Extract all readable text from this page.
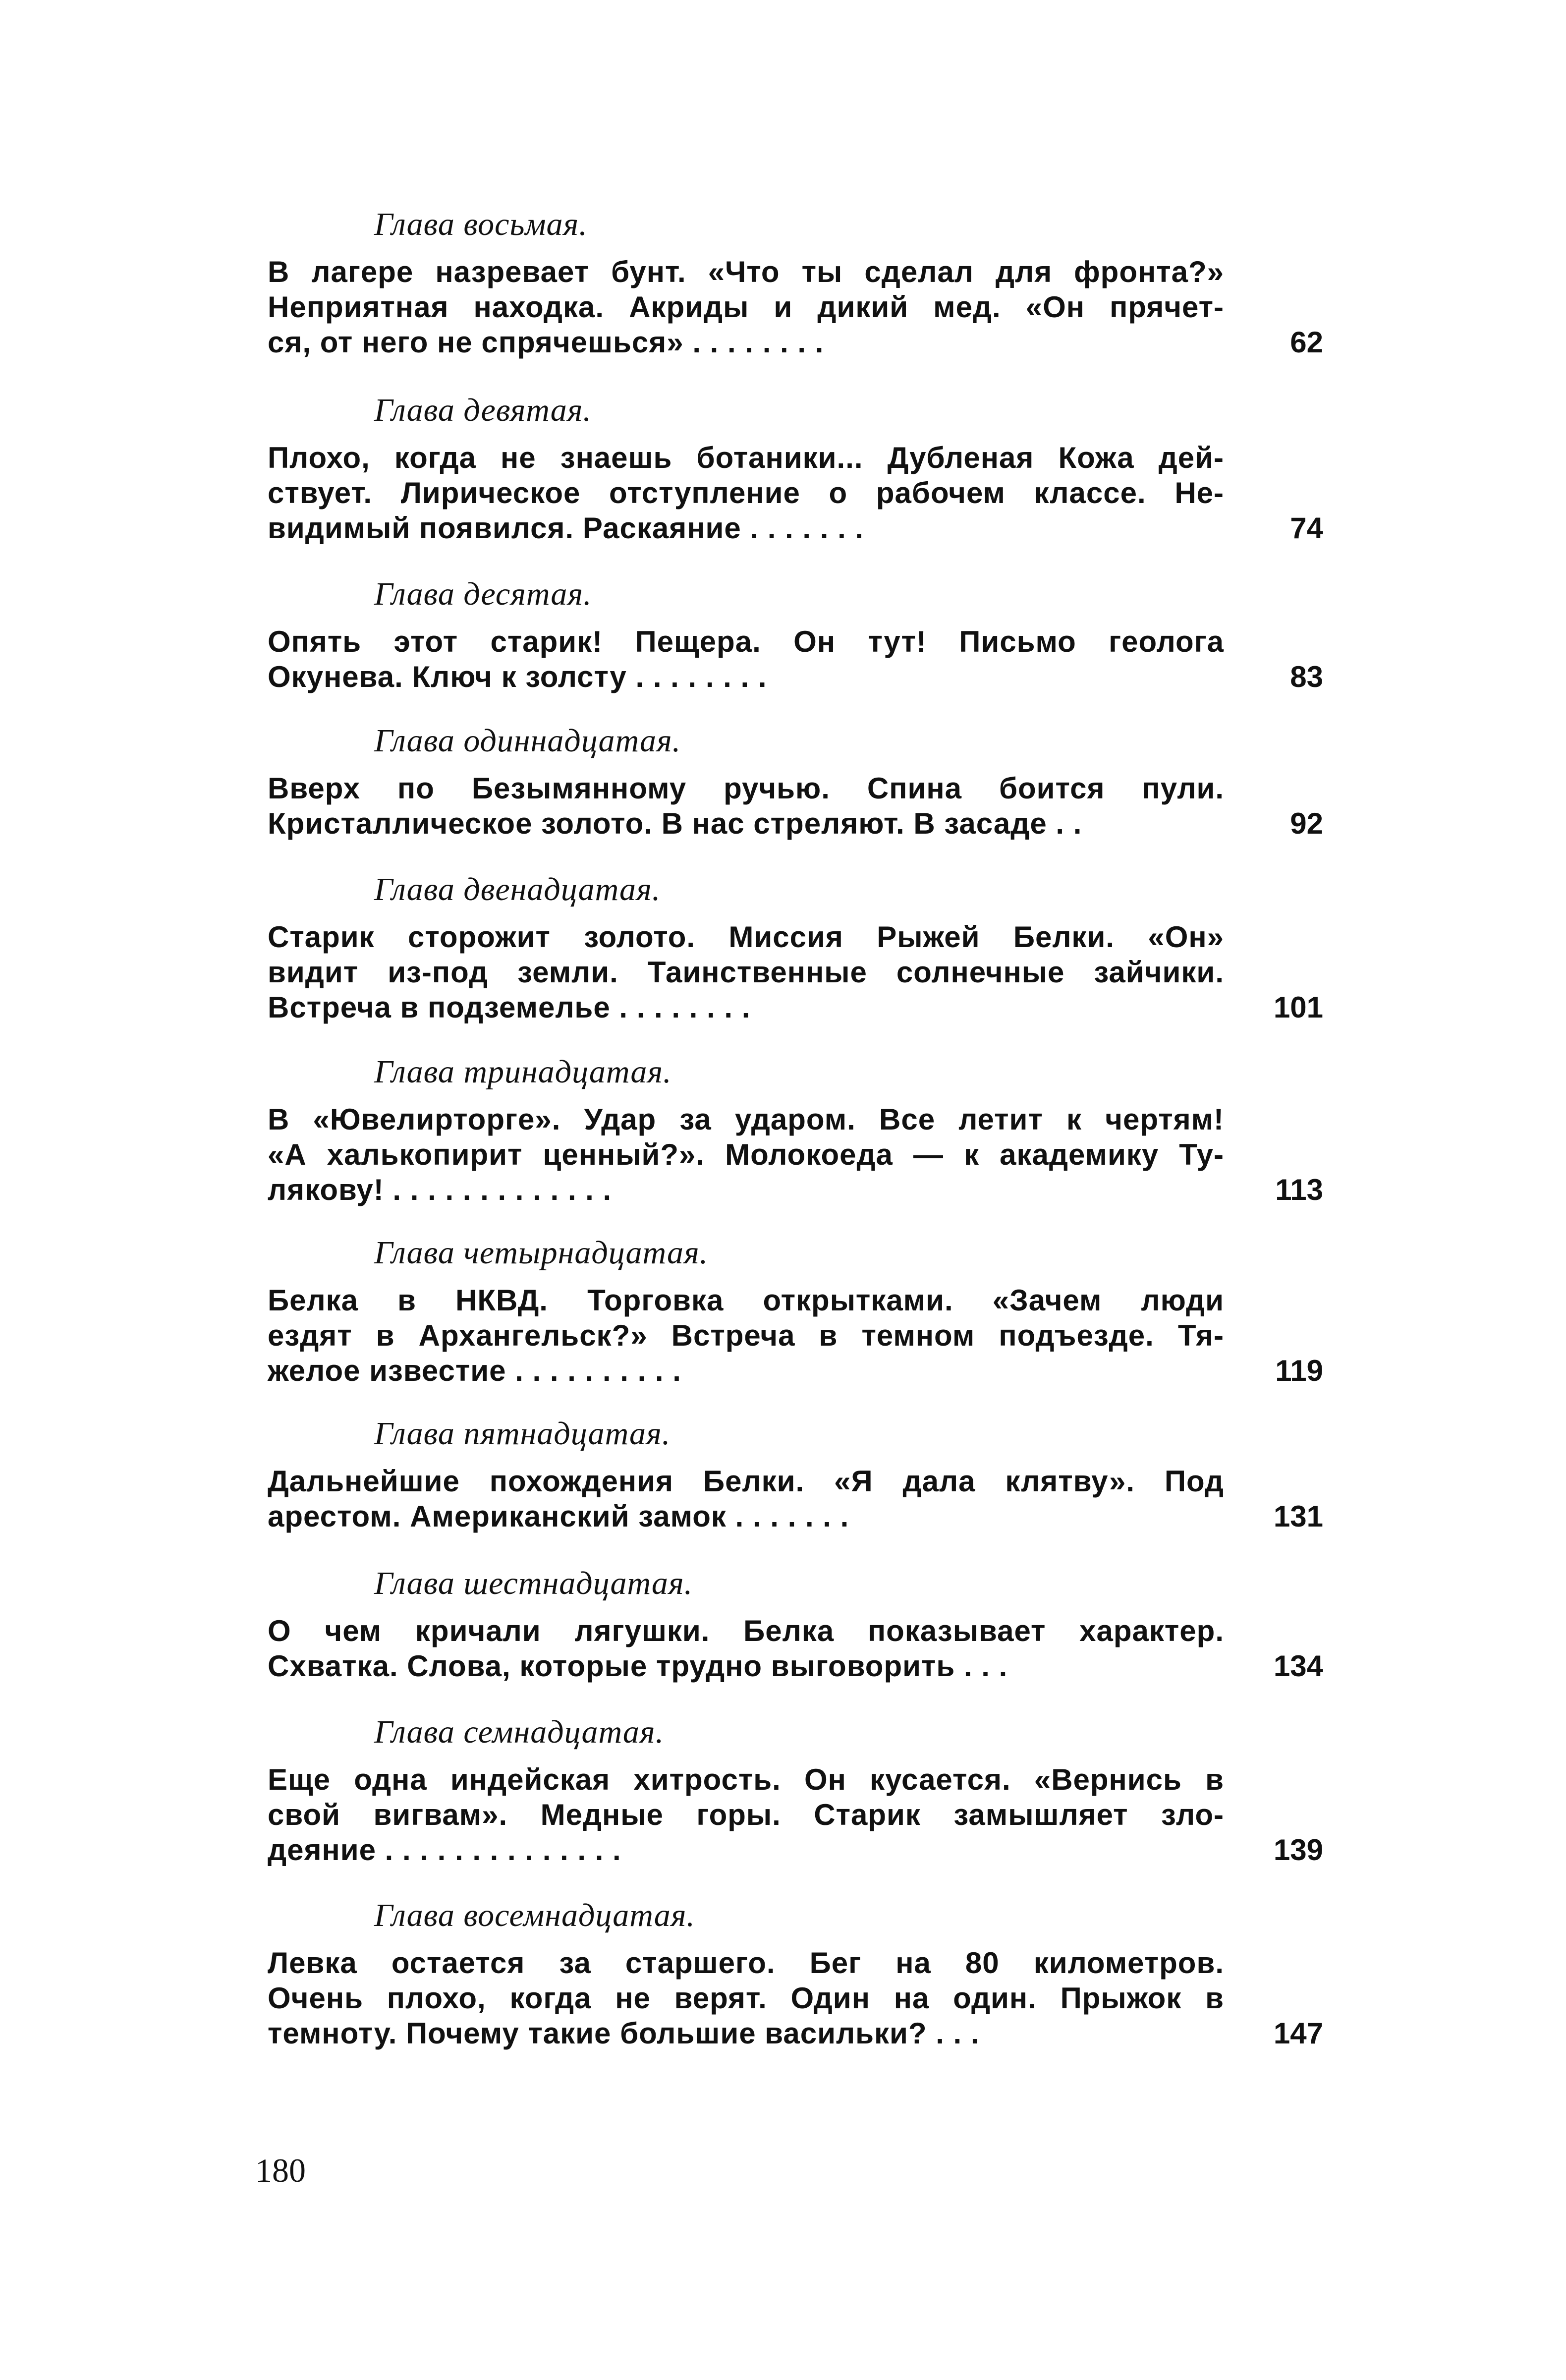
Глава восьмая.
В лагере назревает бунт. «Что ты сделал для фронта?»
Неприятная находка. Акриды и дикий мед. «Он прячет-
ся, от него не спрячешься» . . . . . . . .	62
Глава девятая.
Плохо, когда не знаешь ботаники... Дубленая Кожа дей-
ствует. Лирическое отступление о рабочем классе. Не-
видимый появился. Раскаяние . . . . . . .	74
Глава десятая.
Опять этот старик! Пещера. Он тут! Письмо геолога
Окунева. Ключ к золсту . . . . . . . .	83
Глава одиннадцатая.
Вверх по Безымянному ручью. Спина боится пули.
Кристаллическое золото. В нас стреляют. В засаде . .	92
Глава двенадцатая.
Старик сторожит золото. Миссия Рыжей Белки. «Он»
видит из-под земли. Таинственные солнечные зайчики.
Встреча в подземелье . . . . . . . .	101
Глава тринадцатая.
В «Ювелирторге». Удар за ударом. Все летит к чертям!
«А халькопирит ценный?». Молокоеда — к академику Ту-
лякову! . . . . . . . . . . . . .	113
Глава четырнадцатая.
Белка в НКВД. Торговка открытками. «Зачем люди
ездят в Архангельск?» Встреча в темном подъезде. Тя-
желое известие . . . . . . . . . .	119
Глава пятнадцатая.
Дальнейшие похождения Белки. «Я дала клятву». Под
арестом. Американский замок . . . . . . .	131
Глава шестнадцатая.
О чем кричали лягушки. Белка показывает характер.
Схватка. Слова, которые трудно выговорить . . .	134
Глава семнадцатая.
Еще одна индейская хитрость. Он кусается. «Вернись в
свой вигвам». Медные горы. Старик замышляет зло-
деяние . . . . . . . . . . . . . .	139
Глава восемнадцатая.
Левка остается за старшего. Бег на 80 километров.
Очень плохо, когда не верят. Один на один. Прыжок в
темноту. Почему такие большие васильки? . . .	147
180
